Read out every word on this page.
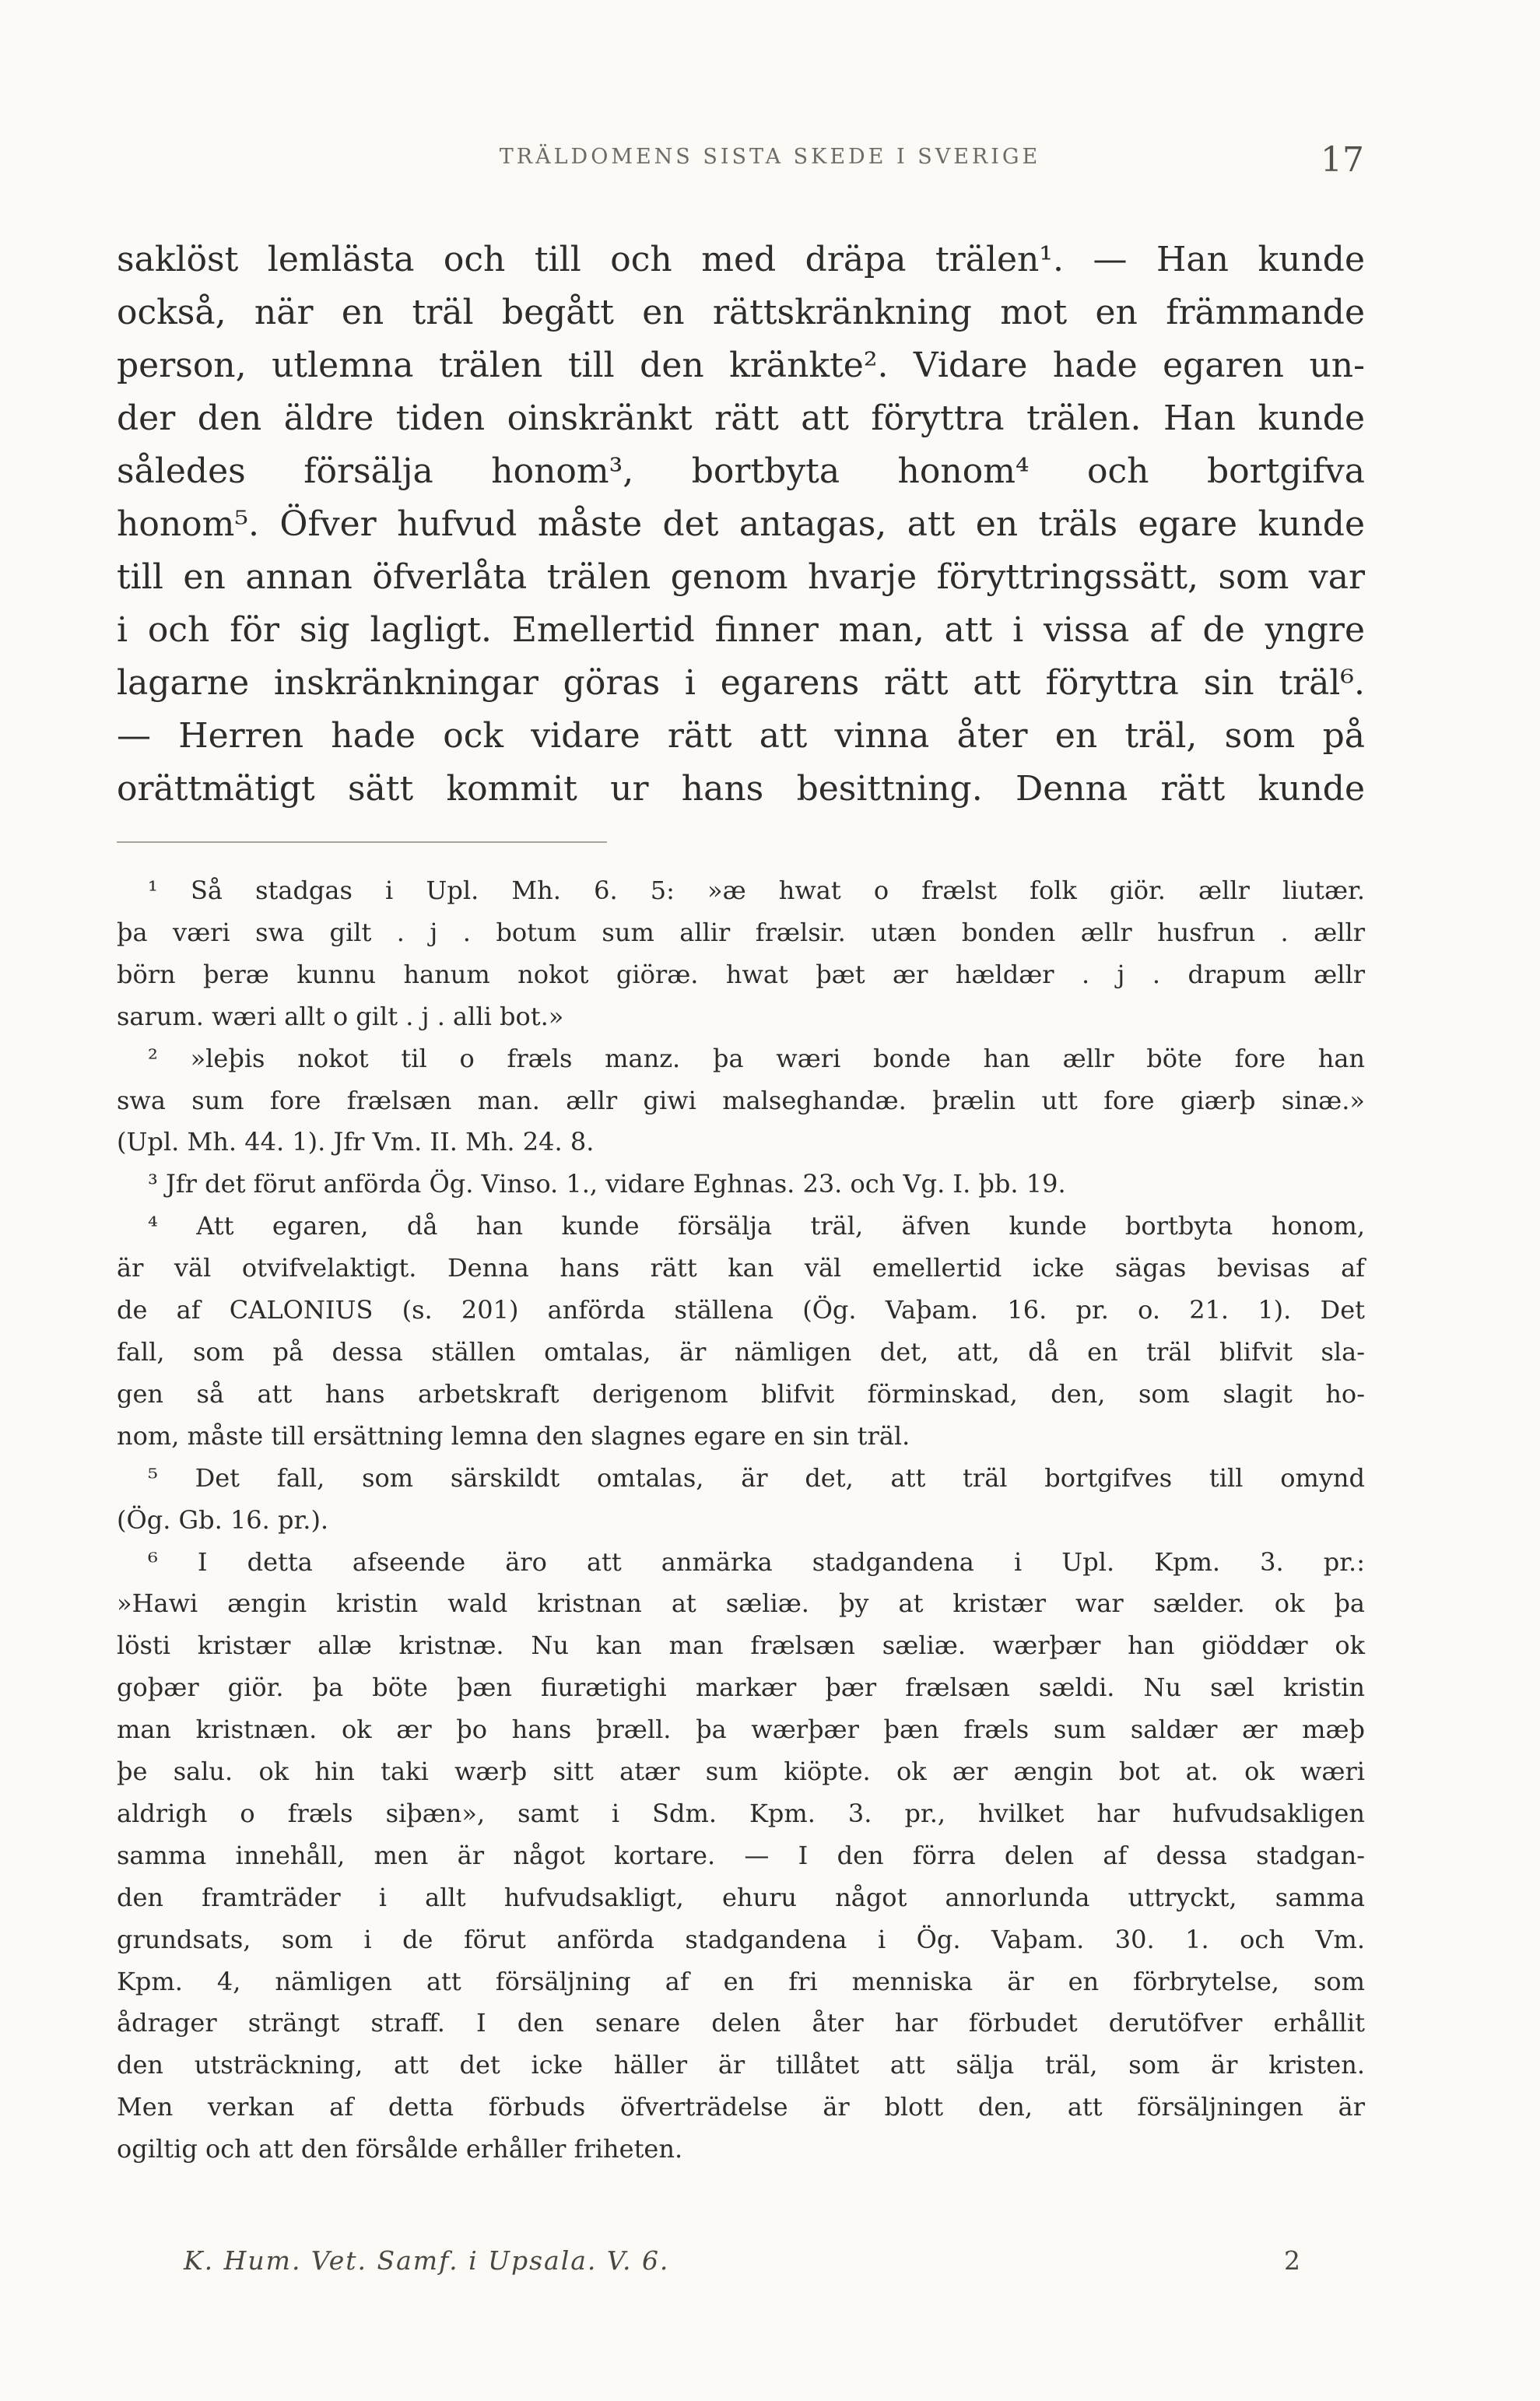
TRÄLDOMENS SISTA SKEDE I SVERIGE	17

saklöst lemlästa och till och med dräpa trälen¹. — Han kunde

också, när en träl begått en rättskränkning mot en främmande

person, utlemna trälen till den kränkte². Vidare hade egaren un-

der den äldre tiden oinskränkt rätt att föryttra trälen. Han kunde

således försälja honom³, bortbyta honom⁴ och bortgifva

honom⁵. Öfver hufvud måste det antagas, att en träls egare kunde

till en annan öfverlåta trälen genom hvarje föryttringssätt, som var

i och för sig lagligt. Emellertid finner man, att i vissa af de yngre

lagarne inskränkningar göras i egarens rätt att föryttra sin träl⁶.

— Herren hade ock vidare rätt att vinna åter en träl, som på

orättmätigt sätt kommit ur hans besittning. Denna rätt kunde

¹ Så stadgas i Upl. Mh. 6. 5: »æ hwat o frælst folk giör. ællr liutær.
þa væri swa gilt . j . botum sum allir frælsir. utæn bonden ællr husfrun . ællr
börn þeræ kunnu hanum nokot giöræ. hwat þæt ær hældær . j . drapum ællr
sarum. wæri allt o gilt . j . alli bot.»
² »leþis nokot til o fræls manz. þa wæri bonde han ællr böte fore han
swa sum fore frælsæn man. ællr giwi malseghandæ. þrælin utt fore giærþ sinæ.»
(Upl. Mh. 44. 1). Jfr Vm. II. Mh. 24. 8.
³ Jfr det förut anförda Ög. Vinso. 1., vidare Eghnas. 23. och Vg. I. þb. 19.
⁴ Att egaren, då han kunde försälja träl, äfven kunde bortbyta honom,
är väl otvifvelaktigt. Denna hans rätt kan väl emellertid icke sägas bevisas af
de af CALONIUS (s. 201) anförda ställena (Ög. Vaþam. 16. pr. o. 21. 1). Det
fall, som på dessa ställen omtalas, är nämligen det, att, då en träl blifvit sla-
gen så att hans arbetskraft derigenom blifvit förminskad, den, som slagit ho-
nom, måste till ersättning lemna den slagnes egare en sin träl.
⁵ Det fall, som särskildt omtalas, är det, att träl bortgifves till omynd
(Ög. Gb. 16. pr.).
⁶ I detta afseende äro att anmärka stadgandena i Upl. Kpm. 3. pr.:
»Hawi ængin kristin wald kristnan at sæliæ. þy at kristær war sælder. ok þa
lösti kristær allæ kristnæ. Nu kan man frælsæn sæliæ. wærþær han giöddær ok
goþær giör. þa böte þæn fiurætighi markær þær frælsæn sældi. Nu sæl kristin
man kristnæn. ok ær þo hans þræll. þa wærþær þæn fræls sum saldær ær mæþ
þe salu. ok hin taki wærþ sitt atær sum kiöpte. ok ær ængin bot at. ok wæri
aldrigh o fræls siþæn», samt i Sdm. Kpm. 3. pr., hvilket har hufvudsakligen
samma innehåll, men är något kortare. — I den förra delen af dessa stadgan-
den framträder i allt hufvudsakligt, ehuru något annorlunda uttryckt, samma
grundsats, som i de förut anförda stadgandena i Ög. Vaþam. 30. 1. och Vm.
Kpm. 4, nämligen att försäljning af en fri menniska är en förbrytelse, som
ådrager strängt straff. I den senare delen åter har förbudet derutöfver erhållit
den utsträckning, att det icke häller är tillåtet att sälja träl, som är kristen.
Men verkan af detta förbuds öfverträdelse är blott den, att försäljningen är
ogiltig och att den försålde erhåller friheten.
K. Hum. Vet. Samf. i Upsala. V. 6.	2
